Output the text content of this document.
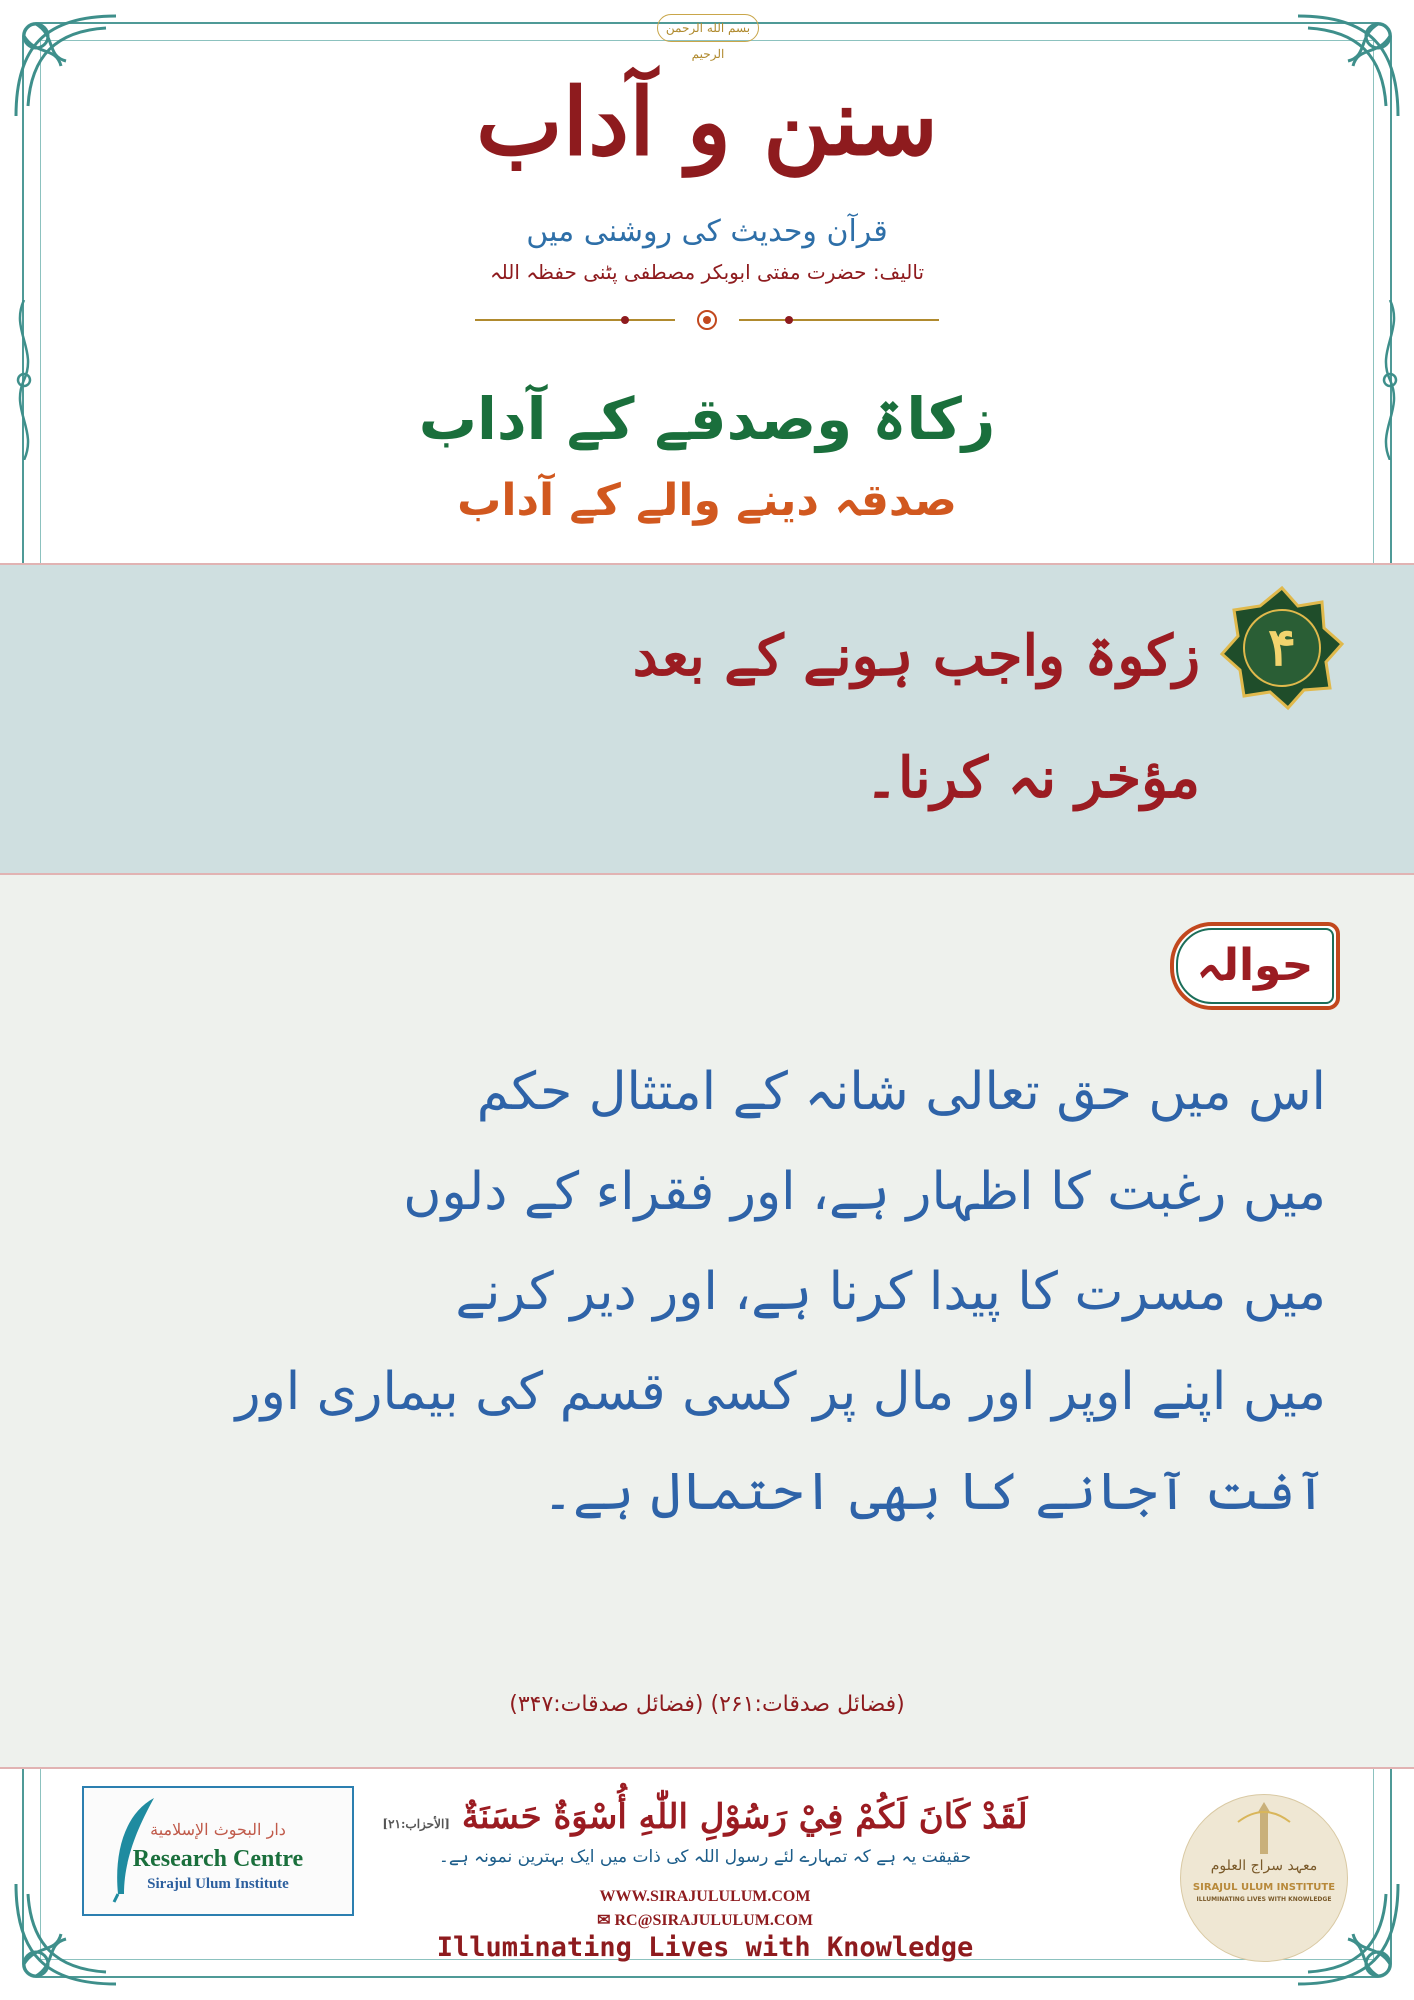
بسم الله الرحمن الرحيم
سنن و آداب
قرآن وحدیث کی روشنی میں
تالیف: حضرت مفتی ابوبکر مصطفی پٹنی حفظہ اللہ
زکاۃ وصدقے کے آداب
صدقہ دینے والے کے آداب
۴
زکوۃ واجب ہونے کے بعد
مؤخر نہ کرنا۔
حوالہ
اس میں حق تعالی شانہ کے امتثال حکم
میں رغبت کا اظہار ہے، اور فقراء کے دلوں
میں مسرت کا پیدا کرنا ہے، اور دیر کرنے
میں اپنے اوپر اور مال پر کسی قسم کی بیماری اور
آفت آجانے کا بھی احتمال ہے۔
(فضائل صدقات:۲۶۱) (فضائل صدقات:۳۴۷)
دار البحوث الإسلامية
Research Centre
Sirajul Ulum Institute
لَقَدْ كَانَ لَكُمْ فِيْ رَسُوْلِ اللّٰهِ أُسْوَةٌ حَسَنَةٌ [الأحزاب:۲۱]
حقیقت یہ ہے کہ تمہارے لئے رسول اللہ کی ذات میں ایک بہترین نمونہ ہے۔
WWW.SIRAJULULUM.COM
✉ RC@SIRAJULULUM.COM
Illuminating Lives with Knowledge
معہد سراج العلوم
SIRAJUL ULUM INSTITUTE
ILLUMINATING LIVES WITH KNOWLEDGE
